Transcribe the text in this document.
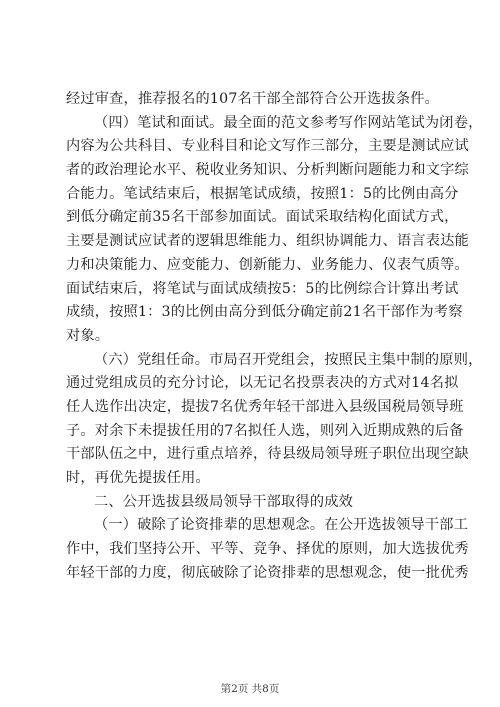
经过审查，推荐报名的107名干部全部符合公开选拔条件。
（四）笔试和面试。最全面的范文参考写作网站笔试为闭卷，
内容为公共科目、专业科目和论文写作三部分，主要是测试应试
者的政治理论水平、税收业务知识、分析判断问题能力和文字综
合能力。笔试结束后，根据笔试成绩，按照1：5的比例由高分
到低分确定前35名干部参加面试。面试采取结构化面试方式，
主要是测试应试者的逻辑思维能力、组织协调能力、语言表达能
力和决策能力、应变能力、创新能力、业务能力、仪表气质等。
面试结束后，将笔试与面试成绩按5：5的比例综合计算出考试
成绩，按照1：3的比例由高分到低分确定前21名干部作为考察
对象。
（六）党组任命。市局召开党组会，按照民主集中制的原则，
通过党组成员的充分讨论，以无记名投票表决的方式对14名拟
任人选作出决定，提拔7名优秀年轻干部进入县级国税局领导班
子。对余下未提拔任用的7名拟任人选，则列入近期成熟的后备
干部队伍之中，进行重点培养，待县级局领导班子职位出现空缺
时，再优先提拔任用。
二、公开选拔县级局领导干部取得的成效
（一）破除了论资排辈的思想观念。在公开选拔领导干部工
作中，我们坚持公开、平等、竞争、择优的原则，加大选拔优秀
年轻干部的力度，彻底破除了论资排辈的思想观念，使一批优秀
第2页 共8页
